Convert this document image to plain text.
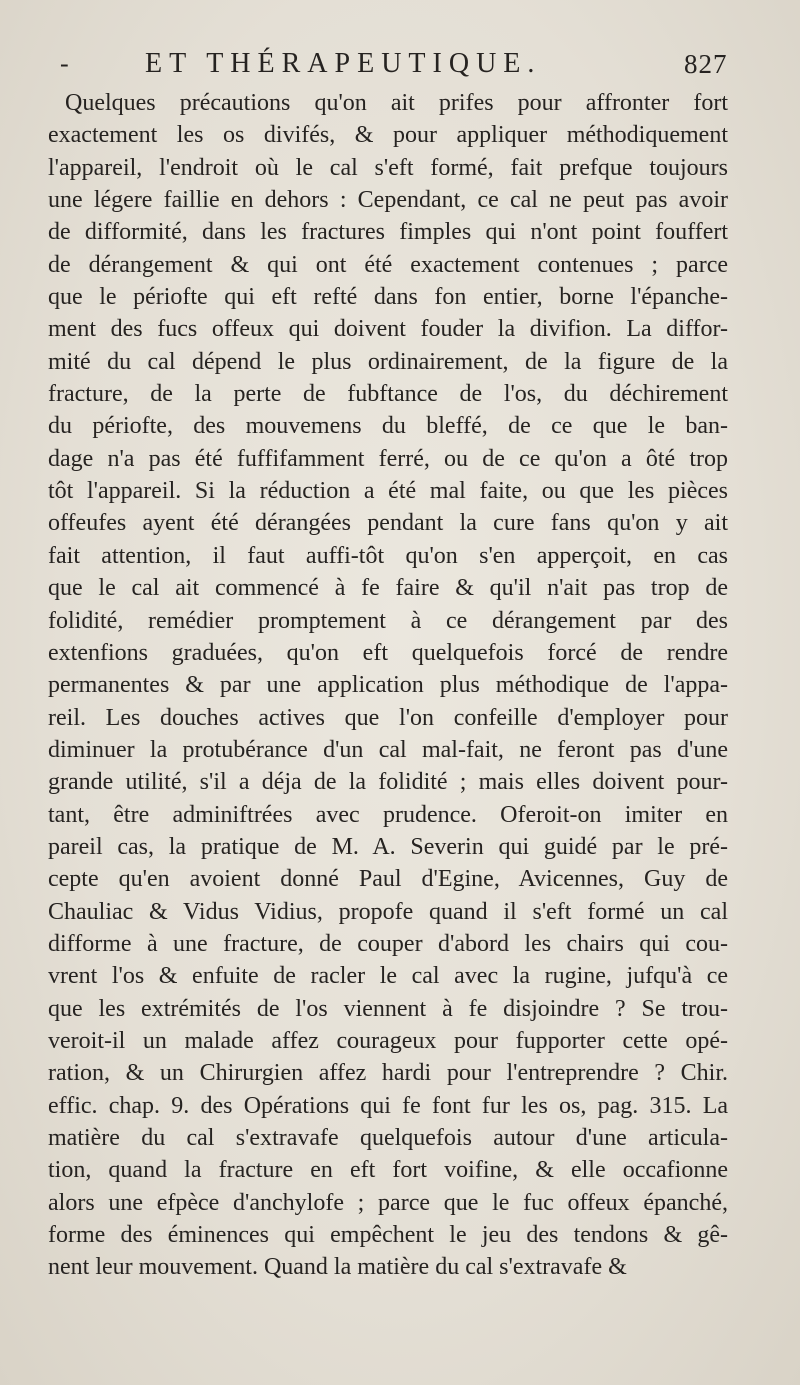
-	ET THÉRAPEUTIQUE.	827
Quelques précautions qu'on ait prifes pour affronter fort
exactement les os divifés, & pour appliquer méthodiquement
l'appareil, l'endroit où le cal s'eft formé, fait prefque toujours
une légere faillie en dehors : Cependant, ce cal ne peut pas avoir
de difformité, dans les fractures fimples qui n'ont point fouffert
de dérangement & qui ont été exactement contenues ; parce
que le périofte qui eft refté dans fon entier, borne l'épanche-
ment des fucs offeux qui doivent fouder la divifion. La diffor-
mité du cal dépend le plus ordinairement, de la figure de la
fracture, de la perte de fubftance de l'os, du déchirement
du périofte, des mouvemens du bleffé, de ce que le ban-
dage n'a pas été fuffifamment ferré, ou de ce qu'on a ôté trop
tôt l'appareil. Si la réduction a été mal faite, ou que les pièces
offeufes ayent été dérangées pendant la cure fans qu'on y ait
fait attention, il faut auffi-tôt qu'on s'en apperçoit, en cas
que le cal ait commencé à fe faire & qu'il n'ait pas trop de
folidité, remédier promptement à ce dérangement par des
extenfions graduées, qu'on eft quelquefois forcé de rendre
permanentes & par une application plus méthodique de l'appa-
reil. Les douches actives que l'on confeille d'employer pour
diminuer la protubérance d'un cal mal-fait, ne feront pas d'une
grande utilité, s'il a déja de la folidité ; mais elles doivent pour-
tant, être adminiftrées avec prudence. Oferoit-on imiter en
pareil cas, la pratique de M. A. Severin qui guidé par le pré-
cepte qu'en avoient donné Paul d'Egine, Avicennes, Guy de
Chauliac & Vidus Vidius, propofe quand il s'eft formé un cal
difforme à une fracture, de couper d'abord les chairs qui cou-
vrent l'os & enfuite de racler le cal avec la rugine, jufqu'à ce
que les extrémités de l'os viennent à fe disjoindre ? Se trou-
veroit-il un malade affez courageux pour fupporter cette opé-
ration, & un Chirurgien affez hardi pour l'entreprendre ? Chir.
effic. chap. 9. des Opérations qui fe font fur les os, pag. 315. La
matière du cal s'extravafe quelquefois autour d'une articula-
tion, quand la fracture en eft fort voifine, & elle occafionne
alors une efpèce d'anchylofe ; parce que le fuc offeux épanché,
forme des éminences qui empêchent le jeu des tendons & gê-
nent leur mouvement. Quand la matière du cal s'extravafe &
